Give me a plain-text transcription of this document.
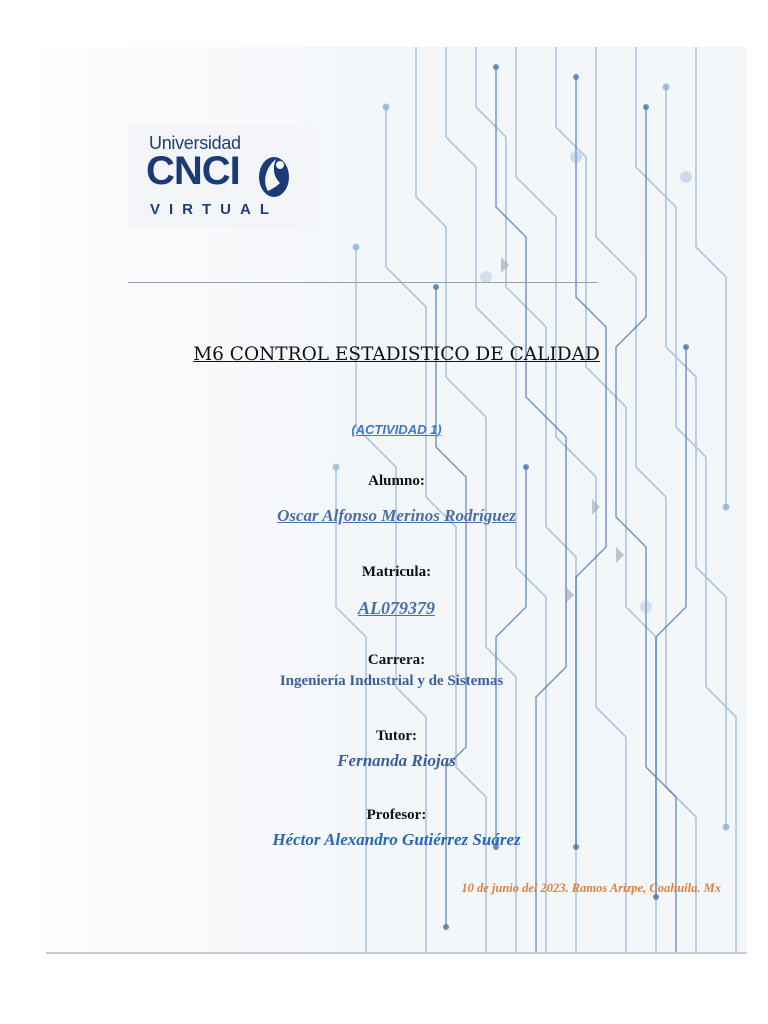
Universidad
CNCI
VIRTUAL
M6 CONTROL ESTADISTICO DE CALIDAD
(ACTIVIDAD 1)
Alumno:
Oscar Alfonso Merinos Rodríguez
Matricula:
AL079379
Carrera:
Ingeniería Industrial y de Sistemas
Tutor:
Fernanda Riojas
Profesor:
Héctor Alexandro Gutiérrez Suárez
10 de junio del 2023. Ramos Arizpe, Coahuila. Mx
